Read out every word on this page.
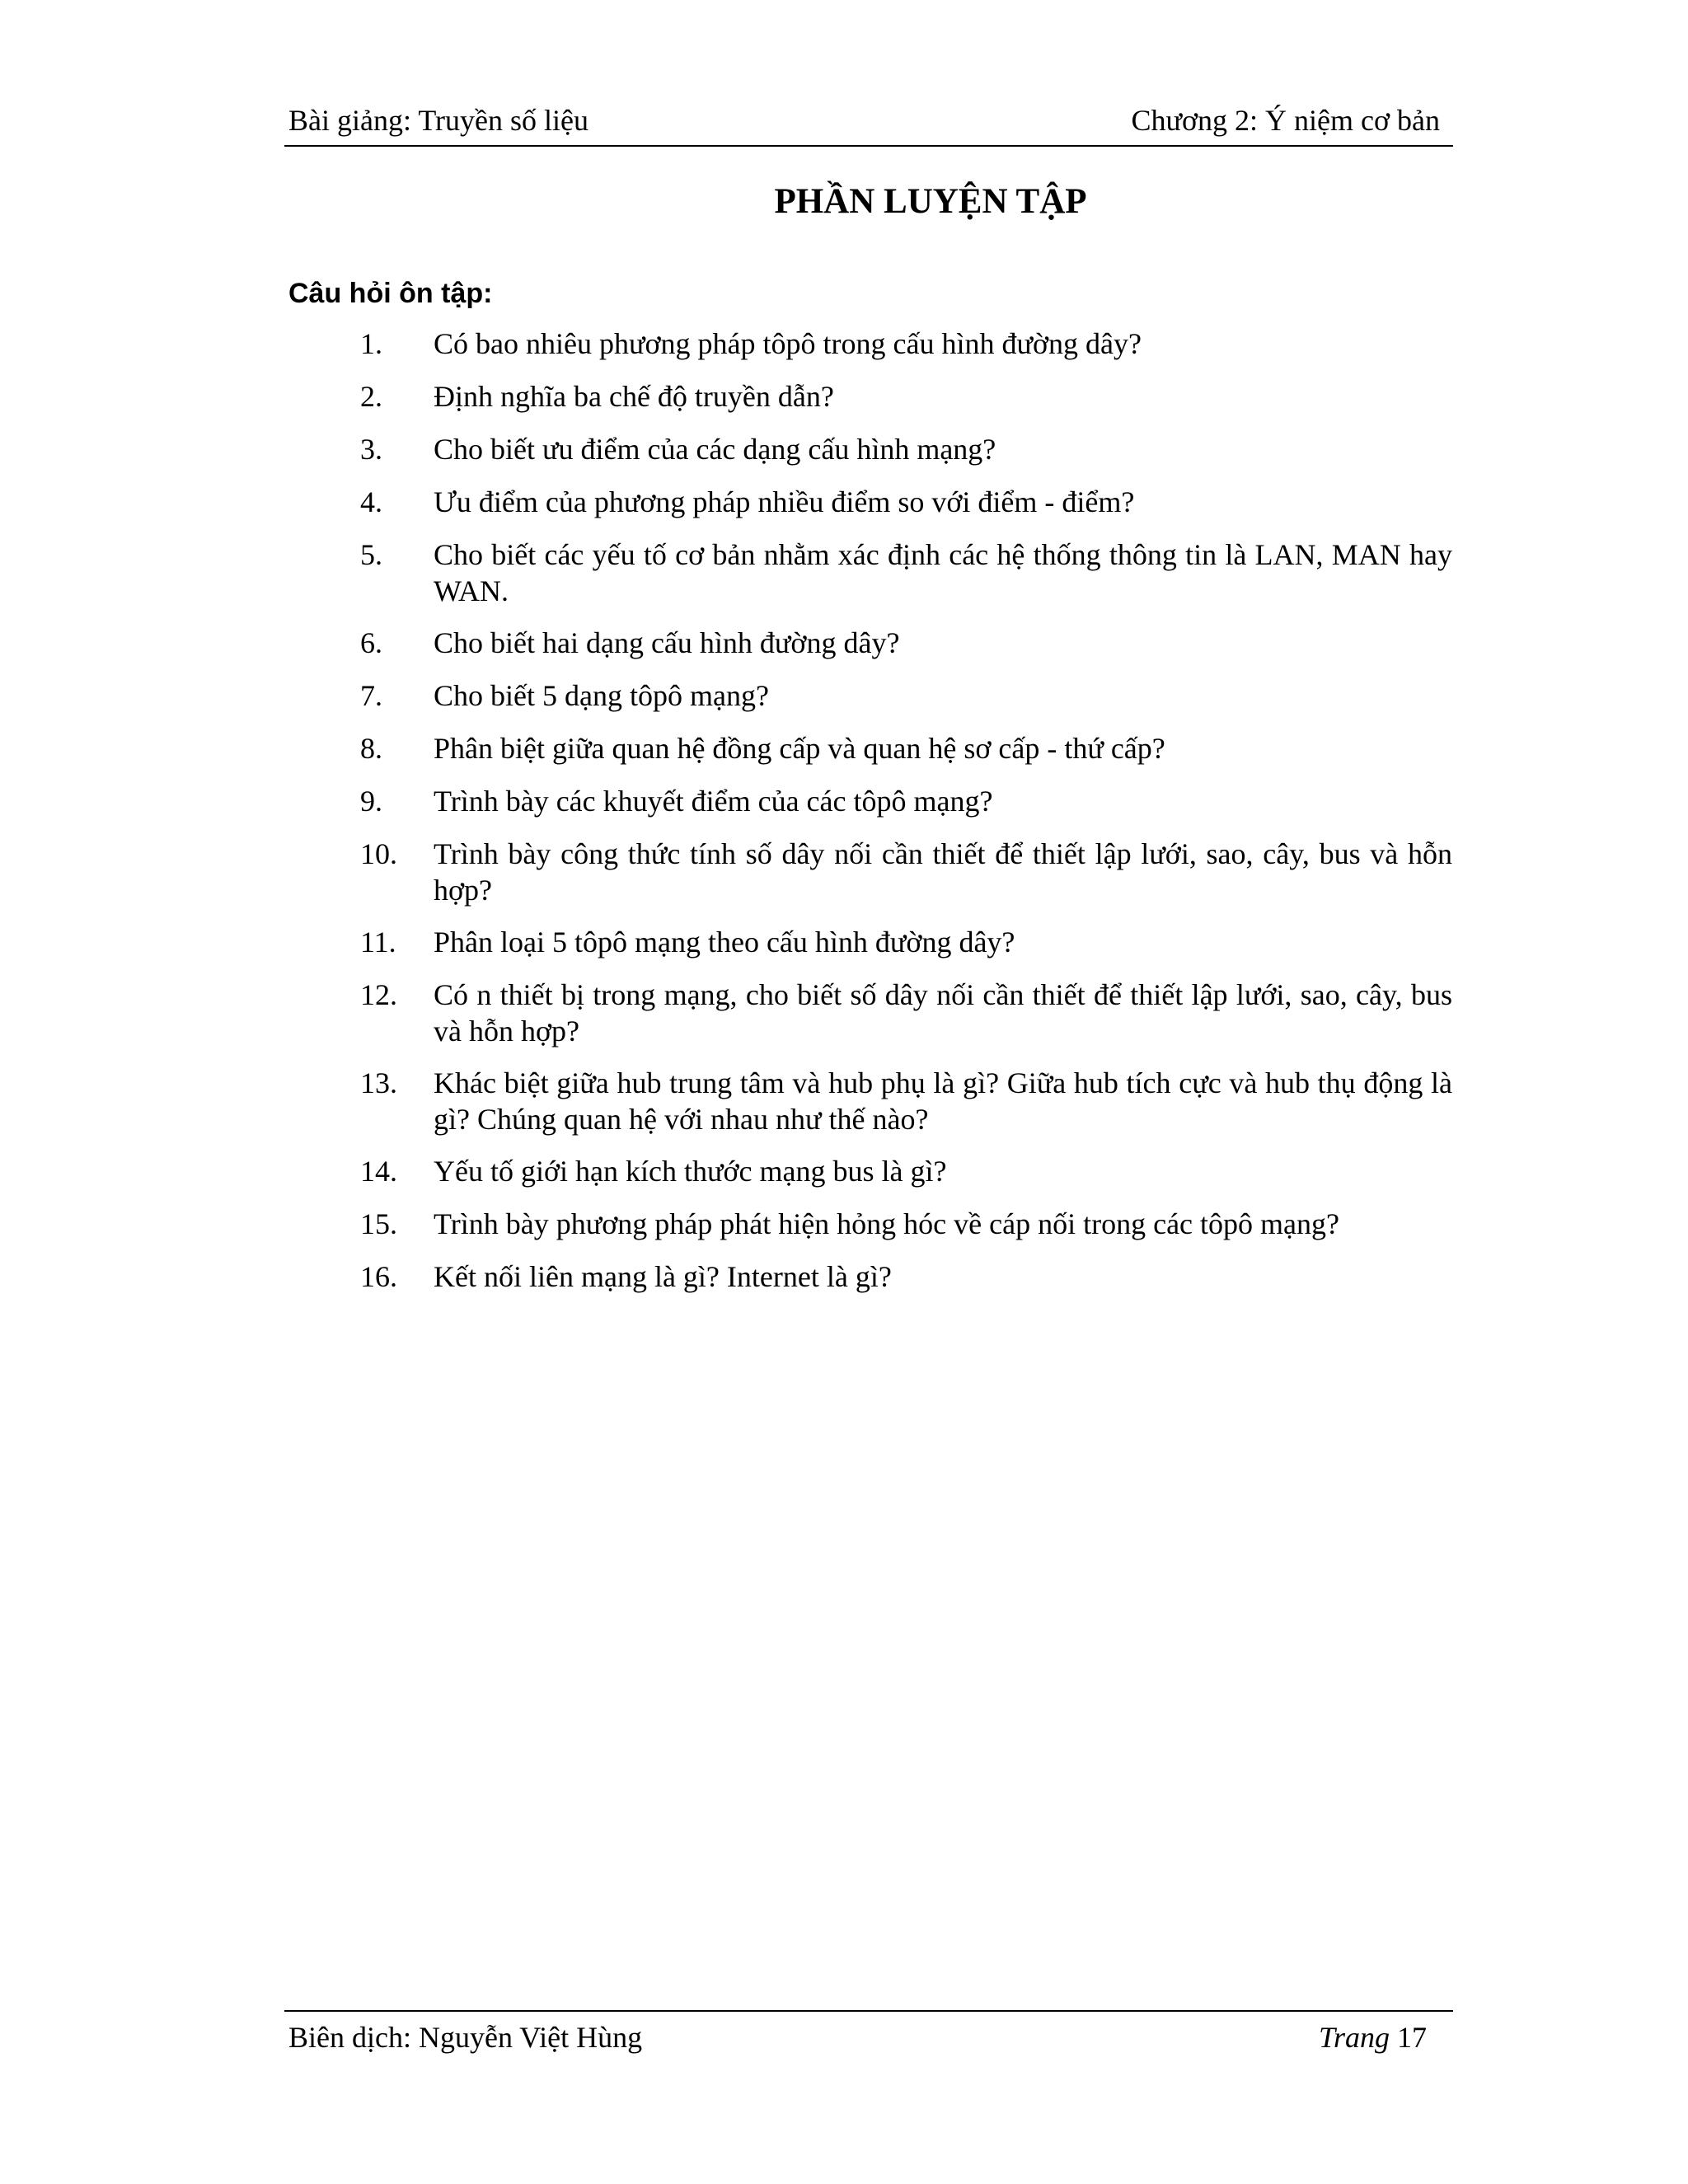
Bài giảng: Truyền số liệu	Chương 2: Ý niệm cơ bản
PHẦN LUYỆN TẬP
Câu hỏi ôn tập:
1. Có bao nhiêu phương pháp tôpô trong cấu hình đường dây?
2. Định nghĩa ba chế độ truyền dẫn?
3. Cho biết ưu điểm của các dạng cấu hình mạng?
4. Ưu điểm của phương pháp nhiều điểm so với điểm - điểm?
5. Cho biết các yếu tố cơ bản nhằm xác định các hệ thống thông tin là LAN, MAN hay WAN.
6. Cho biết hai dạng cấu hình đường dây?
7. Cho biết 5 dạng tôpô mạng?
8. Phân biệt giữa quan hệ đồng cấp và quan hệ sơ cấp - thứ cấp?
9. Trình bày các khuyết điểm của các tôpô mạng?
10. Trình bày công thức tính số dây nối cần thiết để thiết lập lưới, sao, cây, bus và hỗn hợp?
11. Phân loại 5 tôpô mạng theo cấu hình đường dây?
12. Có n thiết bị trong mạng, cho biết số dây nối cần thiết để thiết lập lưới, sao, cây, bus và hỗn hợp?
13. Khác biệt giữa hub trung tâm và hub phụ là gì? Giữa hub tích cực và hub thụ động là gì? Chúng quan hệ với nhau như thế nào?
14. Yếu tố giới hạn kích thước mạng bus là gì?
15. Trình bày phương pháp phát hiện hỏng hóc về cáp nối trong các tôpô mạng?
16. Kết nối liên mạng là gì? Internet là gì?
Biên dịch: Nguyễn Việt Hùng	Trang 17
